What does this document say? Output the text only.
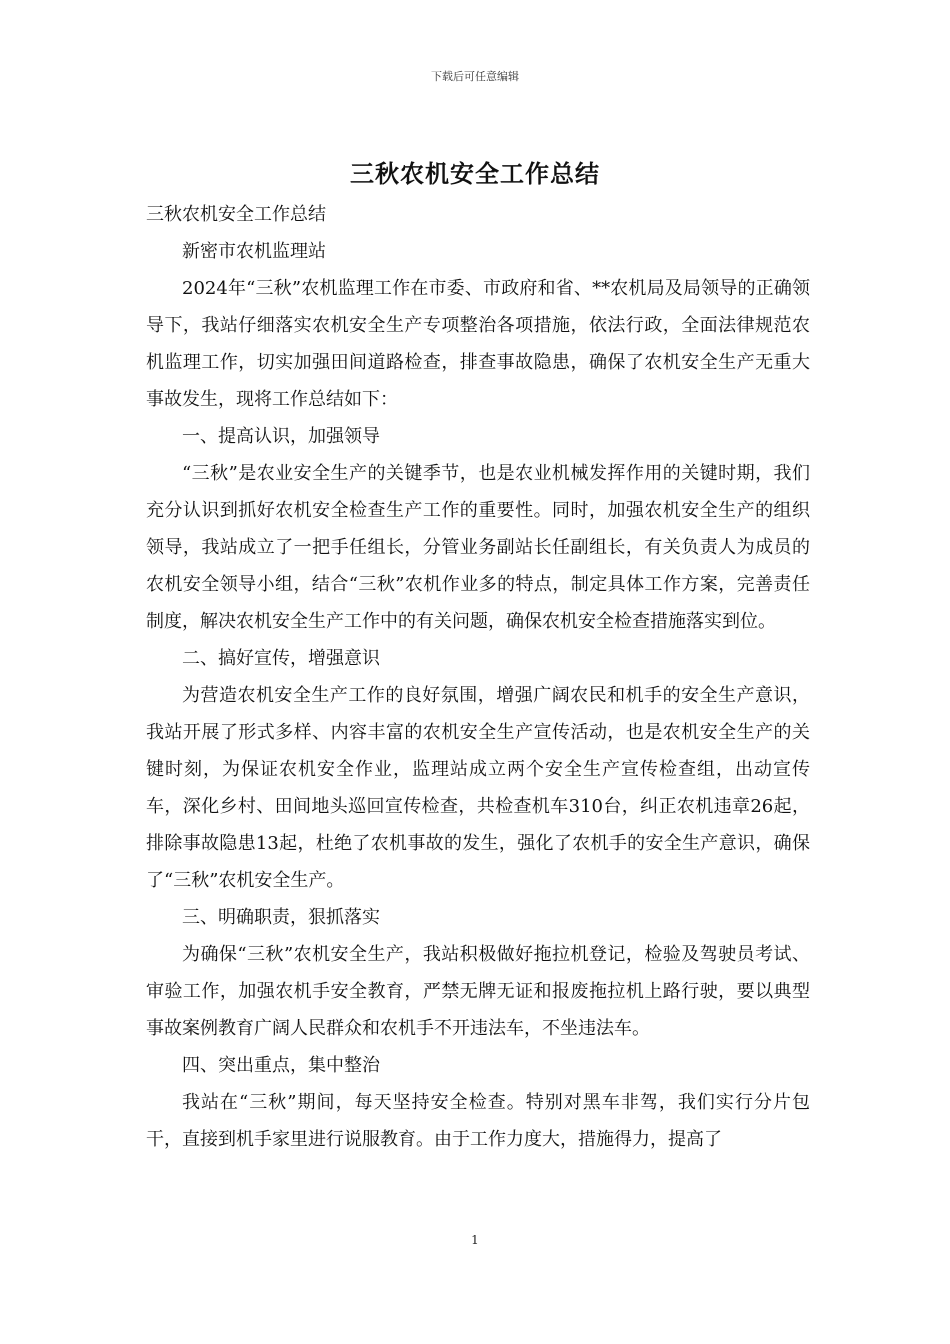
下载后可任意编辑
三秋农机安全工作总结

三秋农机安全工作总结

新密市农机监理站

2024年“三秋”农机监理工作在市委、市政府和省、**农机局及局领导的正确领导下，我站仔细落实农机安全生产专项整治各项措施，依法行政，全面法律规范农机监理工作，切实加强田间道路检查，排查事故隐患，确保了农机安全生产无重大事故发生，现将工作总结如下：

一、提高认识，加强领导

“三秋”是农业安全生产的关键季节，也是农业机械发挥作用的关键时期，我们充分认识到抓好农机安全检查生产工作的重要性。同时，加强农机安全生产的组织领导，我站成立了一把手任组长，分管业务副站长任副组长，有关负责人为成员的农机安全领导小组，结合“三秋”农机作业多的特点，制定具体工作方案，完善责任制度，解决农机安全生产工作中的有关问题，确保农机安全检查措施落实到位。

二、搞好宣传，增强意识

为营造农机安全生产工作的良好氛围，增强广阔农民和机手的安全生产意识，我站开展了形式多样、内容丰富的农机安全生产宣传活动，也是农机安全生产的关键时刻，为保证农机安全作业，监理站成立两个安全生产宣传检查组，出动宣传车，深化乡村、田间地头巡回宣传检查，共检查机车310台，纠正农机违章26起，排除事故隐患13起，杜绝了农机事故的发生，强化了农机手的安全生产意识，确保了“三秋”农机安全生产。

三、明确职责，狠抓落实

为确保“三秋”农机安全生产，我站积极做好拖拉机登记，检验及驾驶员考试、审验工作，加强农机手安全教育，严禁无牌无证和报废拖拉机上路行驶，要以典型事故案例教育广阔人民群众和农机手不开违法车，不坐违法车。

四、突出重点，集中整治

我站在“三秋”期间，每天坚持安全检查。特别对黑车非驾，我们实行分片包干，直接到机手家里进行说服教育。由于工作力度大，措施得力，提高了

1
